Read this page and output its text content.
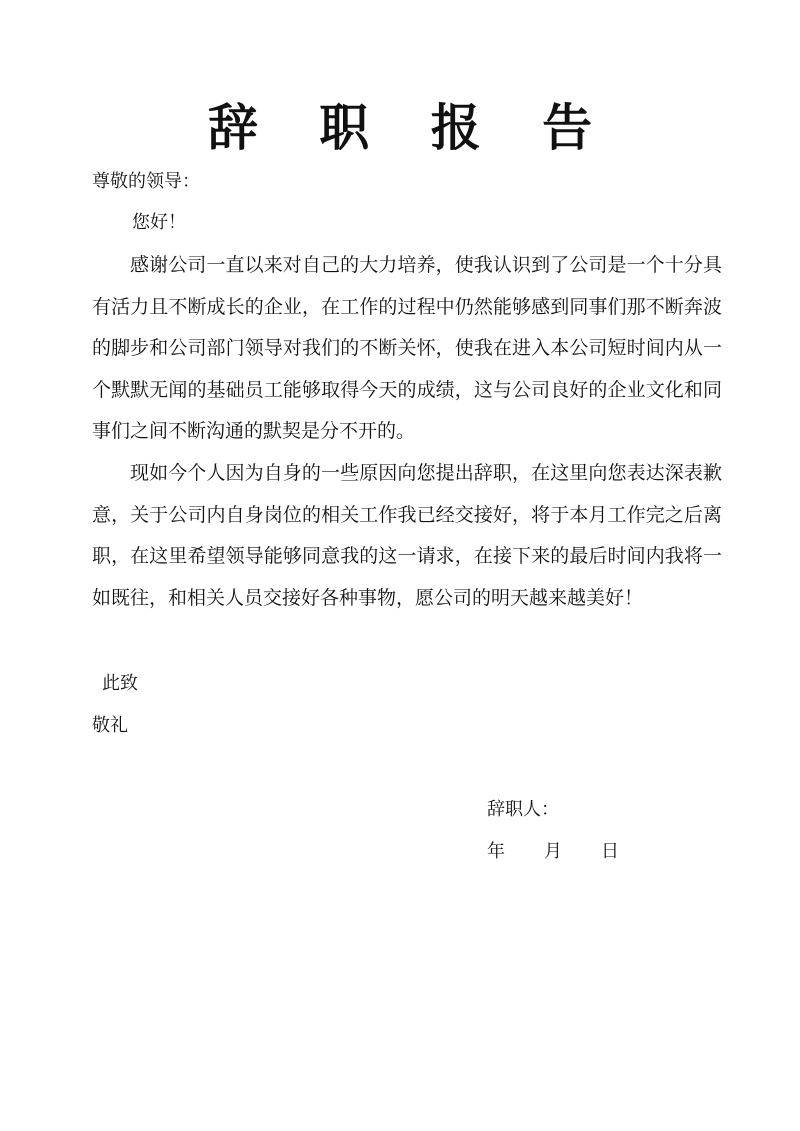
辞 职 报 告
尊敬的领导：
您好！
感谢公司一直以来对自己的大力培养，使我认识到了公司是一个十分具有活力且不断成长的企业，在工作的过程中仍然能够感到同事们那不断奔波的脚步和公司部门领导对我们的不断关怀，使我在进入本公司短时间内从一个默默无闻的基础员工能够取得今天的成绩，这与公司良好的企业文化和同事们之间不断沟通的默契是分不开的。
现如今个人因为自身的一些原因向您提出辞职，在这里向您表达深表歉意，关于公司内自身岗位的相关工作我已经交接好，将于本月工作完之后离职，在这里希望领导能够同意我的这一请求，在接下来的最后时间内我将一如既往，和相关人员交接好各种事物，愿公司的明天越来越美好！
此致
敬礼
辞职人：
年	月	日
